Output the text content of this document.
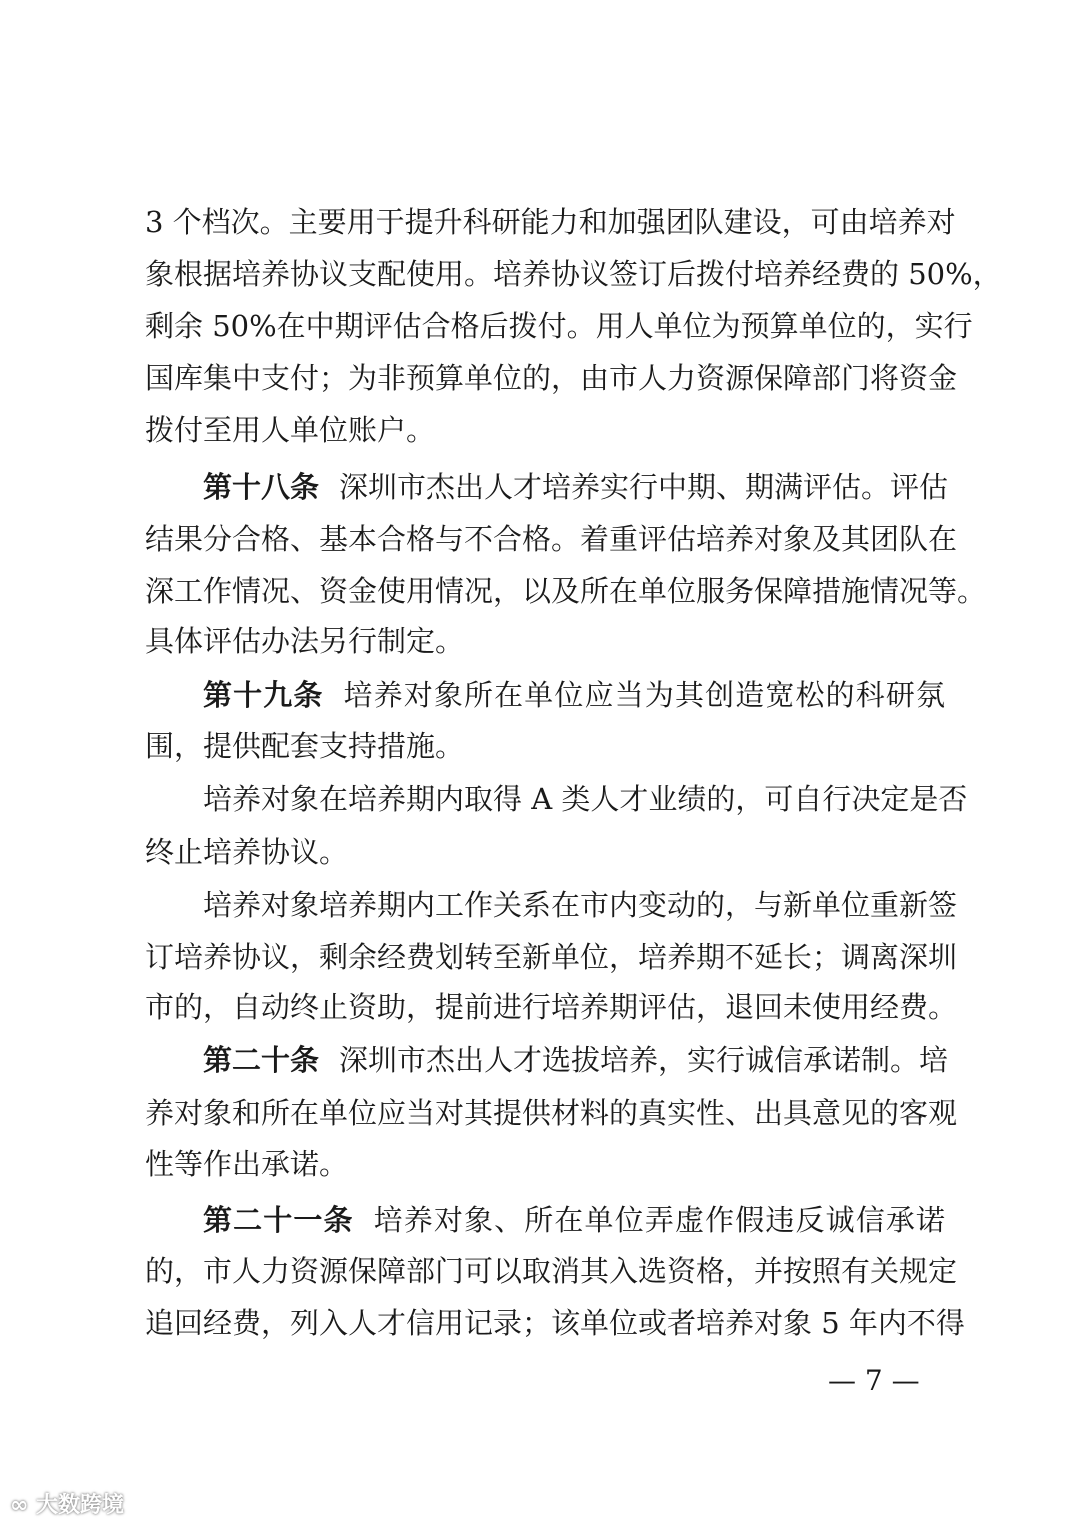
3 个档次。主要用于提升科研能力和加强团队建设，可由培养对
象根据培养协议支配使用。培养协议签订后拨付培养经费的 50%，
剩余 50%在中期评估合格后拨付。用人单位为预算单位的，实行
国库集中支付；为非预算单位的，由市人力资源保障部门将资金
拨付至用人单位账户。
第十八条 深圳市杰出人才培养实行中期、期满评估。评估
结果分合格、基本合格与不合格。着重评估培养对象及其团队在
深工作情况、资金使用情况，以及所在单位服务保障措施情况等。
具体评估办法另行制定。
第十九条 培养对象所在单位应当为其创造宽松的科研氛
围，提供配套支持措施。
培养对象在培养期内取得 A 类人才业绩的，可自行决定是否
终止培养协议。
培养对象培养期内工作关系在市内变动的，与新单位重新签
订培养协议，剩余经费划转至新单位，培养期不延长；调离深圳
市的，自动终止资助，提前进行培养期评估，退回未使用经费。
第二十条 深圳市杰出人才选拔培养，实行诚信承诺制。培
养对象和所在单位应当对其提供材料的真实性、出具意见的客观
性等作出承诺。
第二十一条 培养对象、所在单位弄虚作假违反诚信承诺
的，市人力资源保障部门可以取消其入选资格，并按照有关规定
追回经费，列入人才信用记录；该单位或者培养对象 5 年内不得
— 7 —
∞ 大数跨境
